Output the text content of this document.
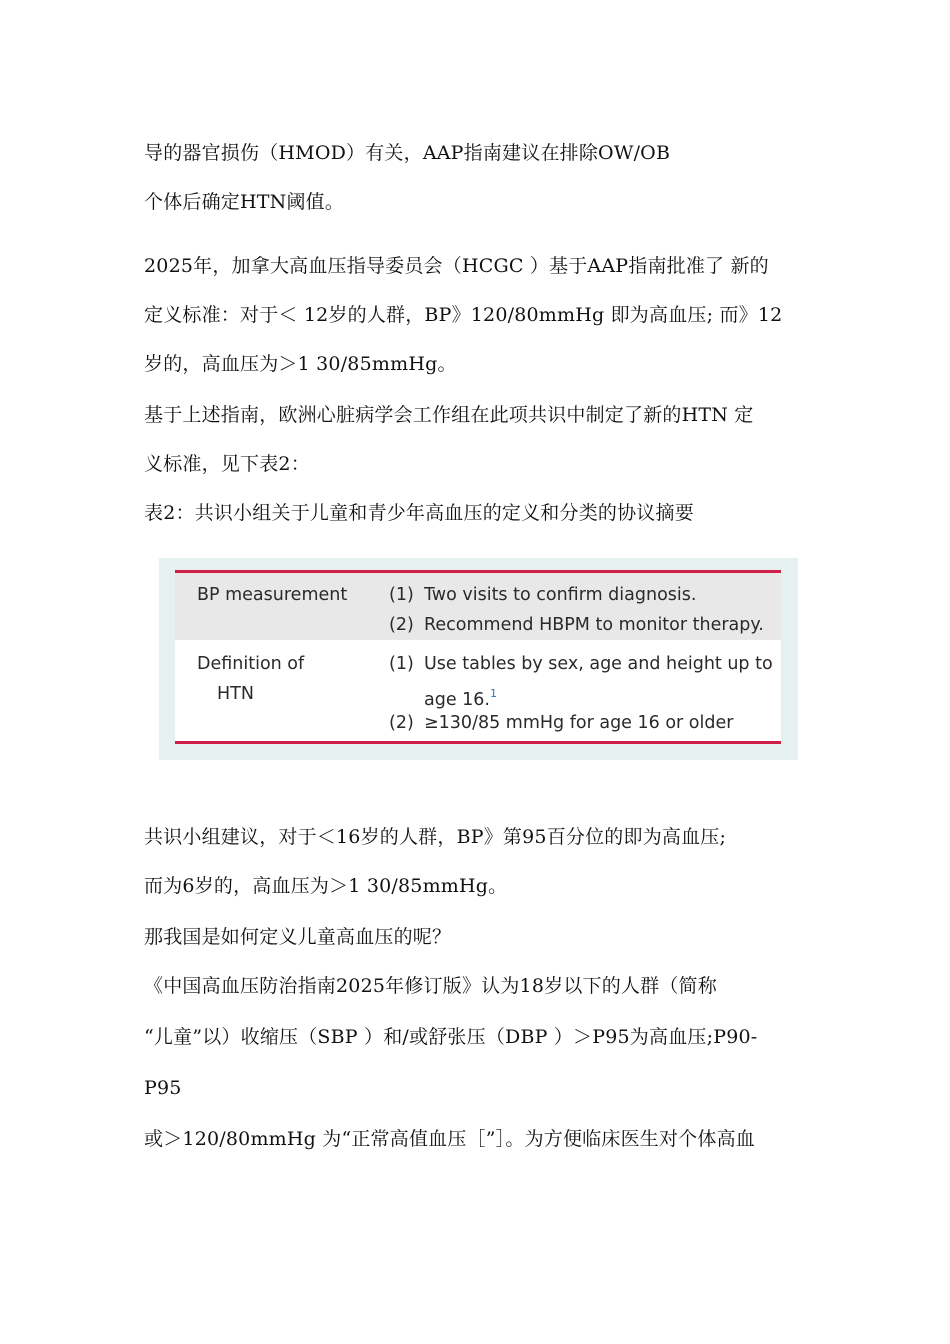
导的器官损伤（HMOD）有关，AAP指南建议在排除OW/OB
个体后确定HTN阈值。
2025年，加拿大高血压指导委员会（HCGC ）基于AAP指南批准了 新的
定义标准：对于＜ 12岁的人群，BP》120/80mmHg 即为高血压; 而》12
岁的，高血压为＞1 30/85mmHg。
基于上述指南，欧洲心脏病学会工作组在此项共识中制定了新的HTN 定
义标准，见下表2：
表2：共识小组关于儿童和青少年高血压的定义和分类的协议摘要
BP measurement (1) Two visits to confirm diagnosis.
(2) Recommend HBPM to monitor therapy.
Definition of
HTN
(1) Use tables by sex, age and height up to
age 16.$^1$
(2) ≥130/85 mmHg for age 16 or older
共识小组建议，对于＜16岁的人群，BP》第95百分位的即为高血压;
而为6岁的，高血压为＞1 30/85mmHg。
那我国是如何定义儿童高血压的呢？
《中国高血压防治指南2025年修订版》认为18岁以下的人群（简称
“儿童”以）收缩压（SBP ）和/或舒张压（DBP ）＞P95为高血压;P90-
P95
或＞120/80mmHg 为“正常高值血压［”］。为方便临床医生对个体高血
